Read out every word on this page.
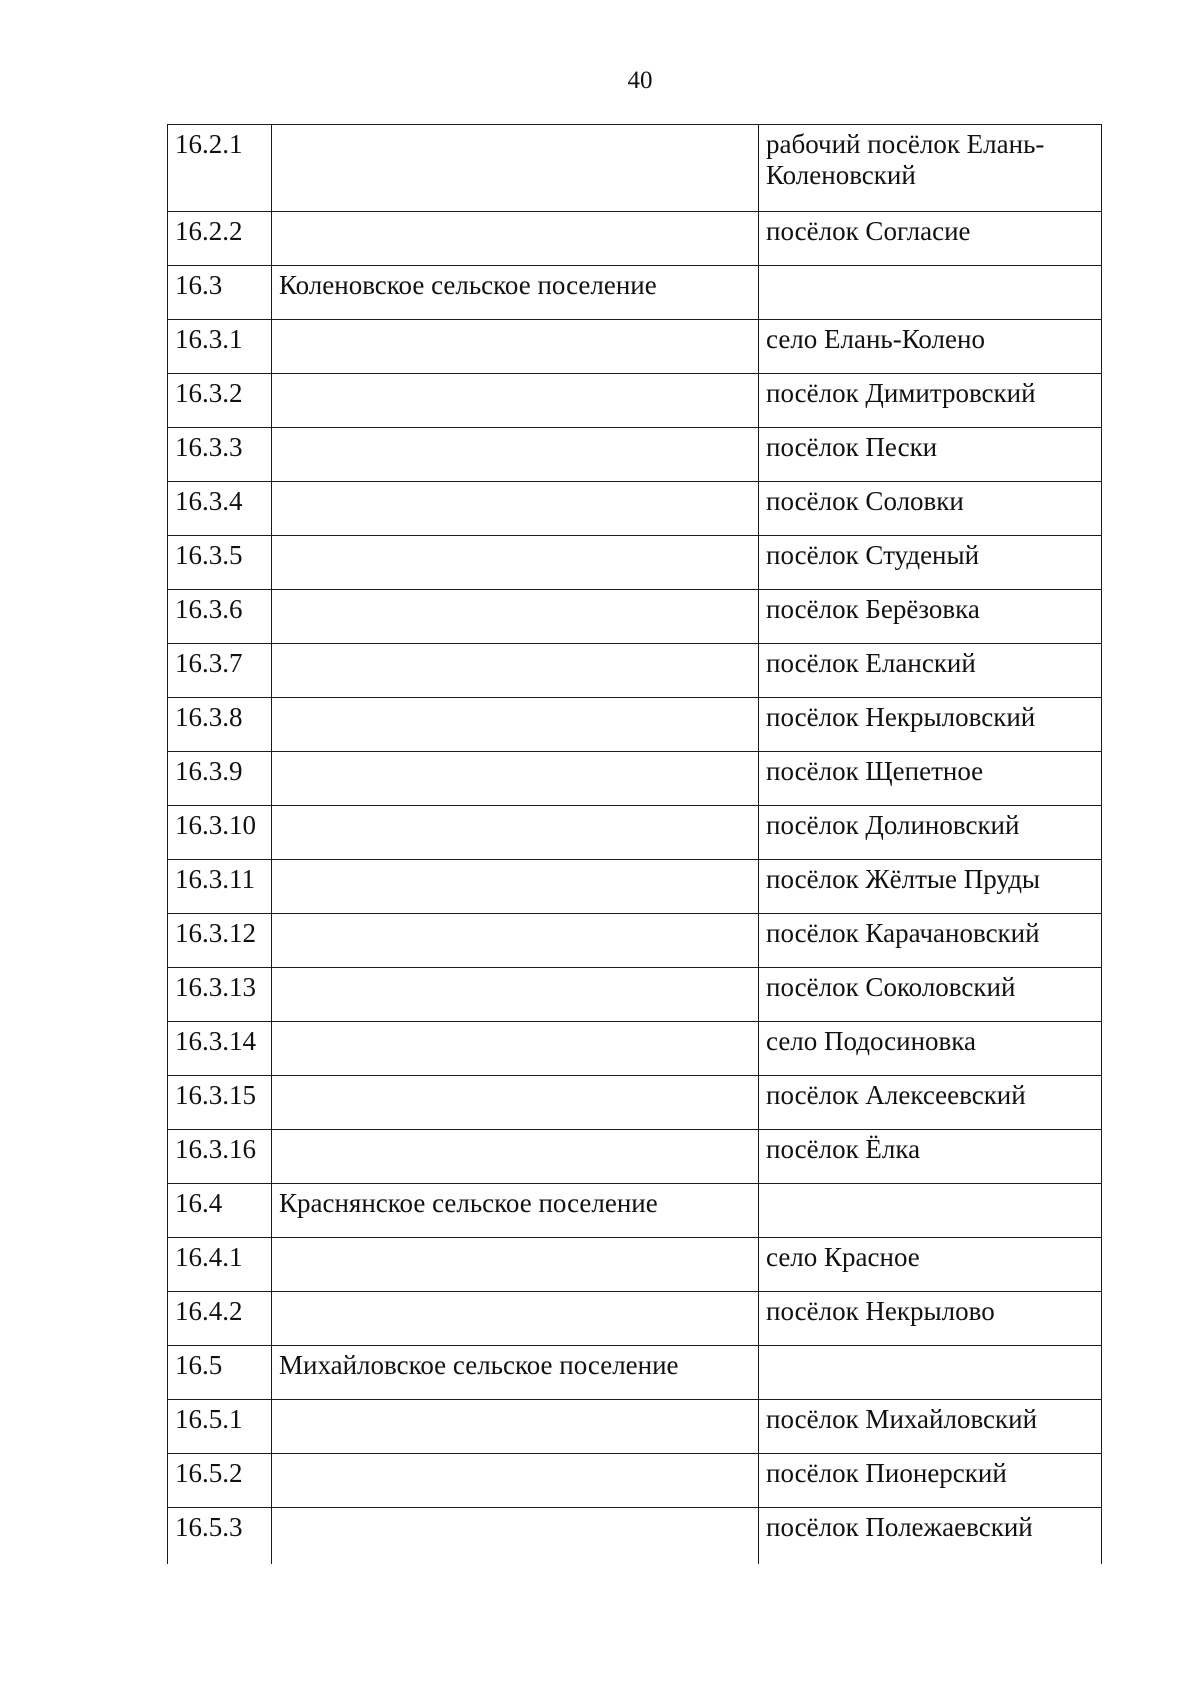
40
16.2.1		рабочий посёлок Елань-Коленовский
16.2.2		посёлок Согласие
16.3	Коленовское сельское поселение	
16.3.1		село Елань-Колено
16.3.2		посёлок Димитровский
16.3.3		посёлок Пески
16.3.4		посёлок Соловки
16.3.5		посёлок Студеный
16.3.6		посёлок Берёзовка
16.3.7		посёлок Еланский
16.3.8		посёлок Некрыловский
16.3.9		посёлок Щепетное
16.3.10		посёлок Долиновский
16.3.11		посёлок Жёлтые Пруды
16.3.12		посёлок Карачановский
16.3.13		посёлок Соколовский
16.3.14		село Подосиновка
16.3.15		посёлок Алексеевский
16.3.16		посёлок Ёлка
16.4	Краснянское сельское поселение	
16.4.1		село Красное
16.4.2		посёлок Некрылово
16.5	Михайловское сельское поселение	
16.5.1		посёлок Михайловский
16.5.2		посёлок Пионерский
16.5.3		посёлок Полежаевский
